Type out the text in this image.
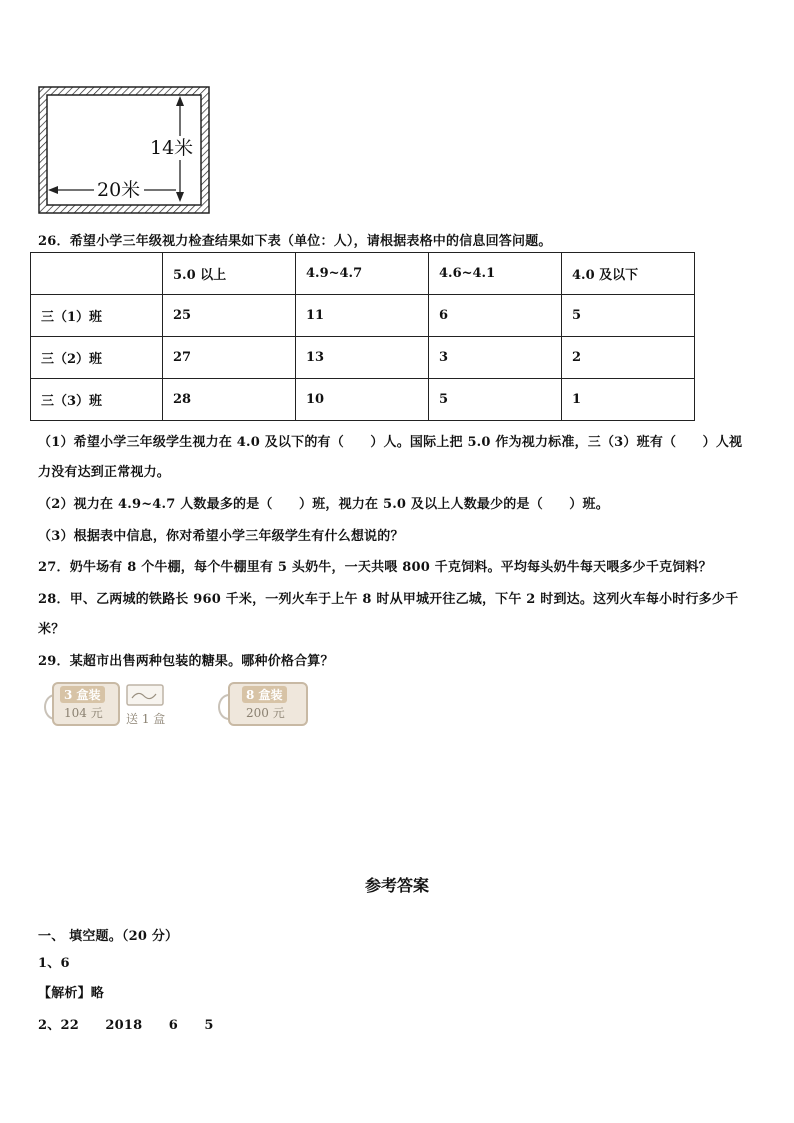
14米
20米
26．希望小学三年级视力检查结果如下表（单位：人），请根据表格中的信息回答问题。
	5.0 以上	4.9~4.7	4.6~4.1	4.0 及以下
三（1）班	25	11	6	5
三（2）班	27	13	3	2
三（3）班	28	10	5	1
（1）希望小学三年级学生视力在 4.0 及以下的有（　　）人。国际上把 5.0 作为视力标准，三（3）班有（　　）人视
力没有达到正常视力。
（2）视力在 4.9~4.7 人数最多的是（　　）班，视力在 5.0 及以上人数最少的是（　　）班。
（3）根据表中信息，你对希望小学三年级学生有什么想说的？
27．奶牛场有 8 个牛棚，每个牛棚里有 5 头奶牛，一天共喂 800 千克饲料。平均每头奶牛每天喂多少千克饲料？
28．甲、乙两城的铁路长 960 千米，一列火车于上午 8 时从甲城开往乙城，下午 2 时到达。这列火车每小时行多少千
米？
29．某超市出售两种包装的糖果。哪种价格合算？
3 盒装
104 元 送 1 盒
8 盒装
200 元
参考答案
一、 填空题。（20 分）
1、6
【解析】略
2、22　　2018　　6　　5
